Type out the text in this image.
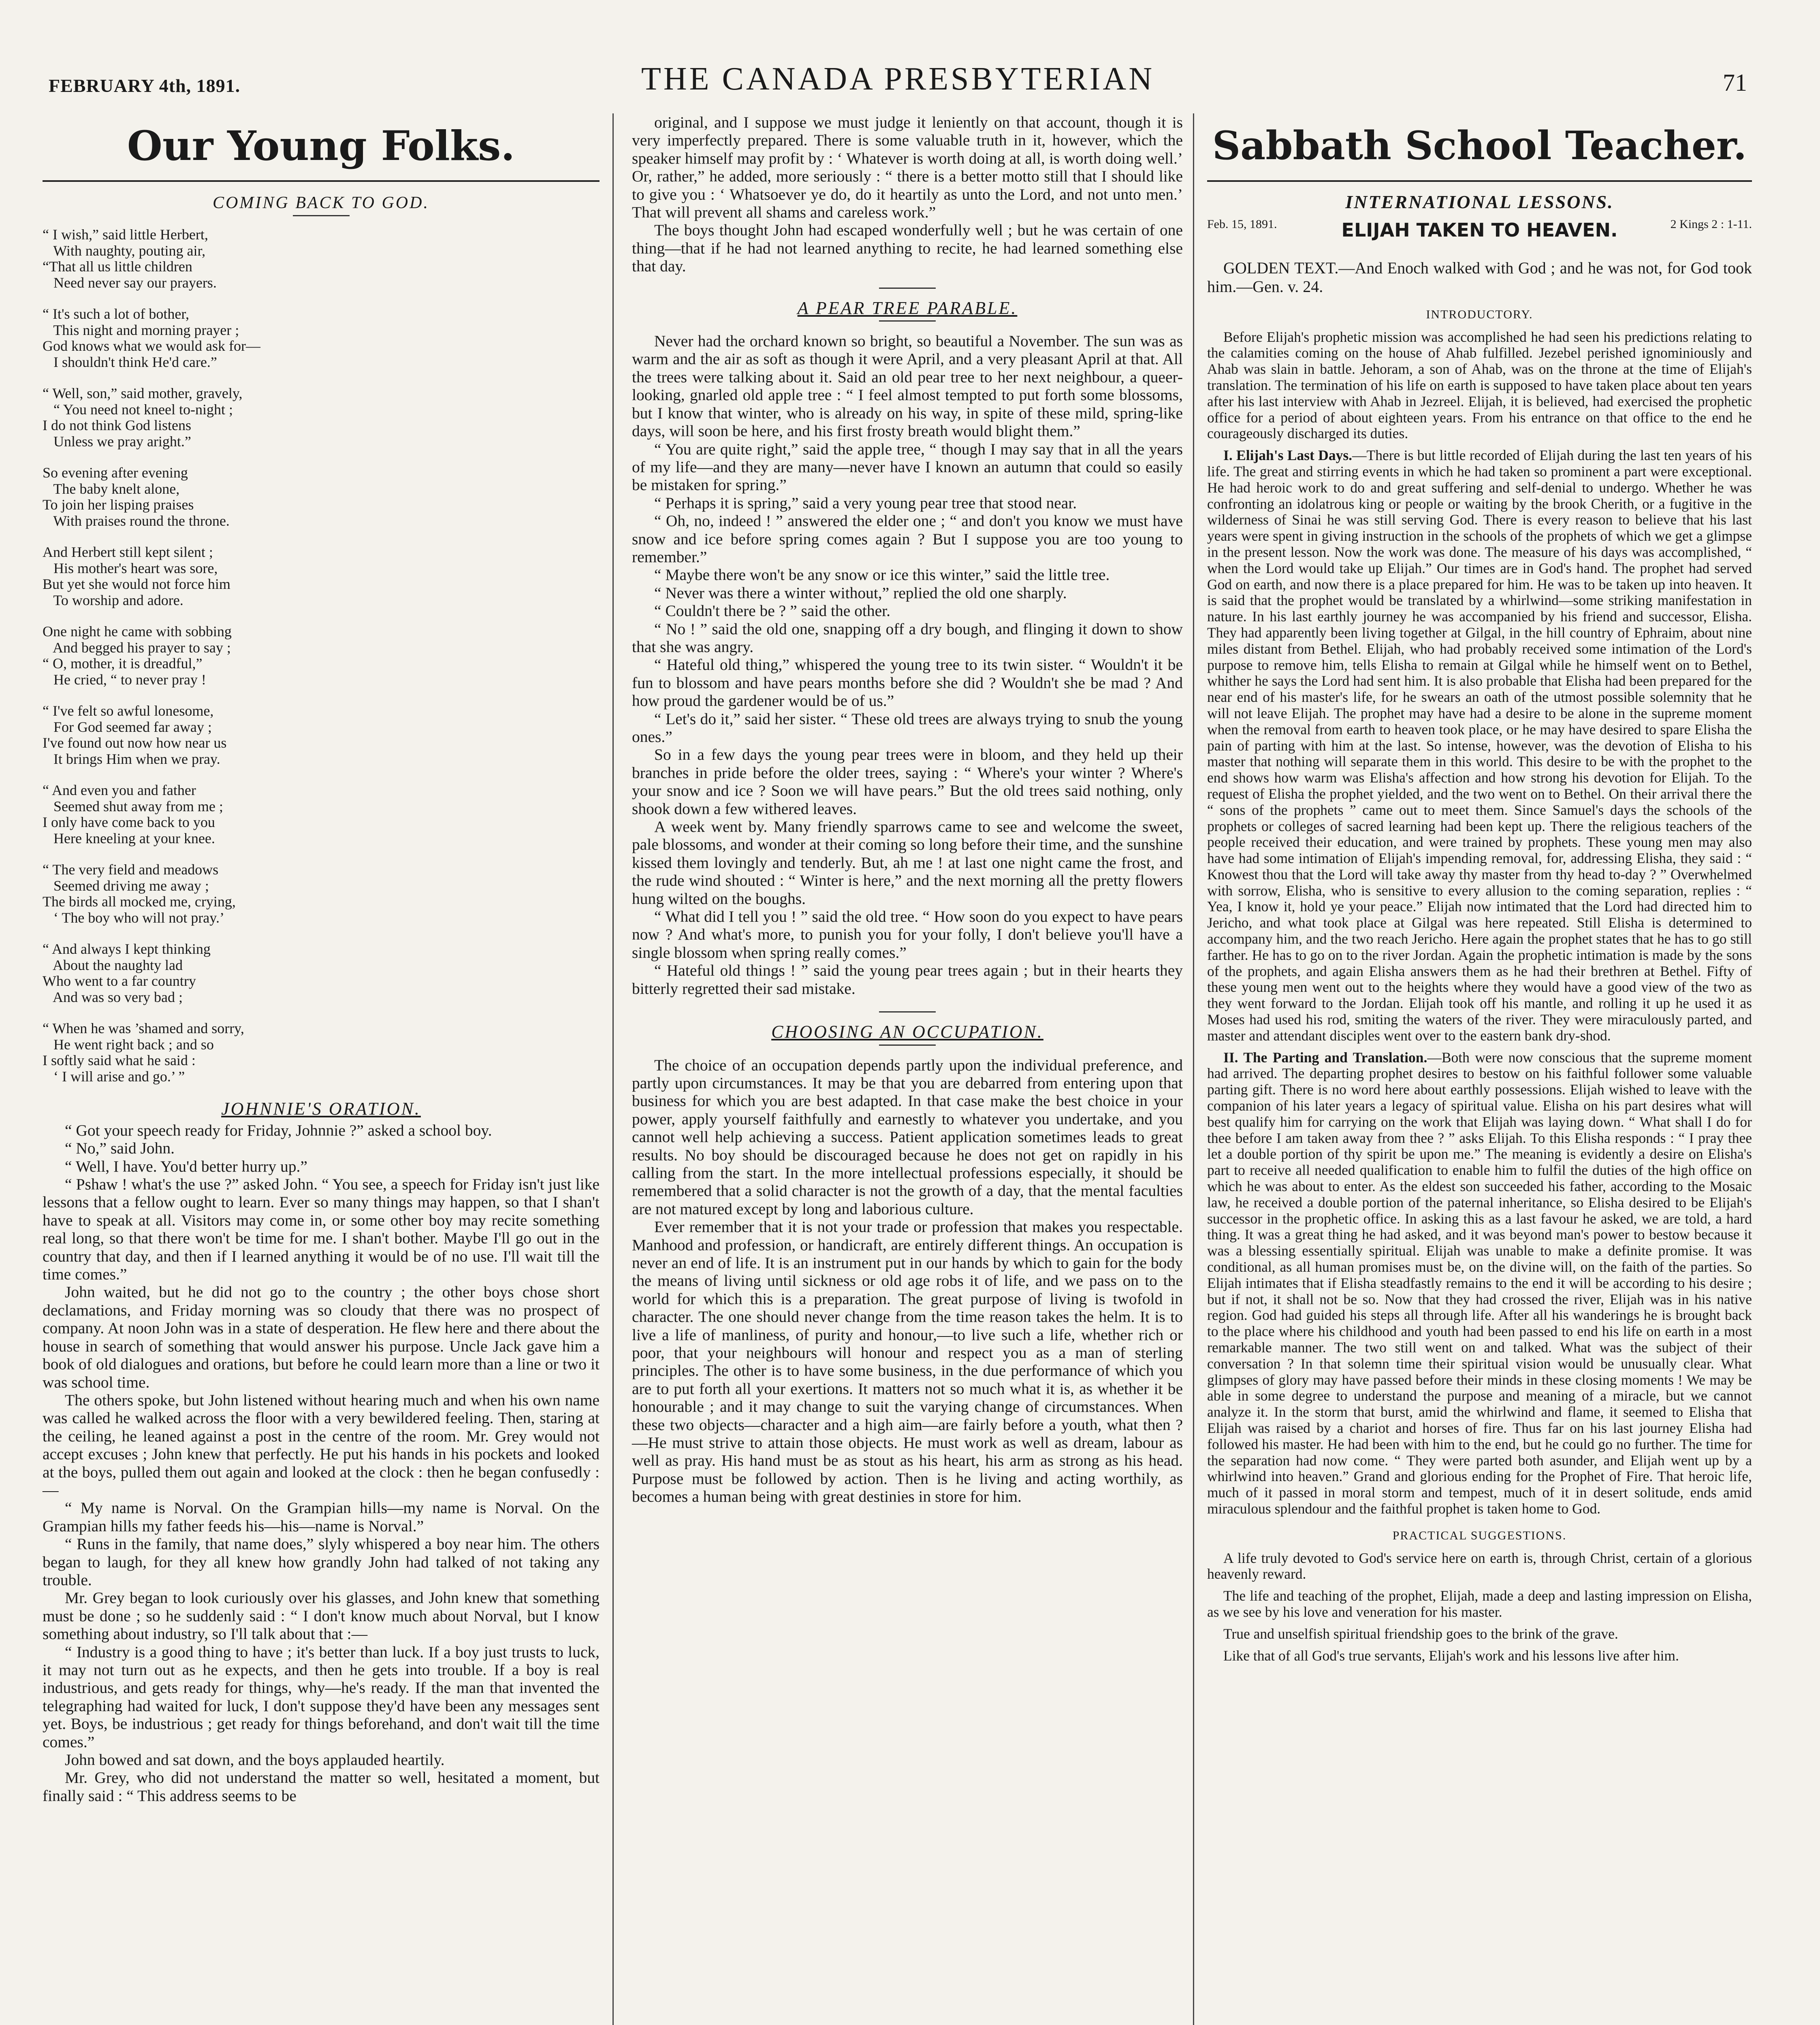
FEBRUARY 4th, 1891.	THE CANADA PRESBYTERIAN	71
Our Young Folks.
COMING BACK TO GOD.
“ I wish,” said little Herbert,
With naughty, pouting air,
“That all us little children
Need never say our prayers.
“ It's such a lot of bother,
This night and morning prayer ;
God knows what we would ask for—
I shouldn't think He'd care.”
“ Well, son,” said mother, gravely,
“ You need not kneel to-night ;
I do not think God listens
Unless we pray aright.”
So evening after evening
The baby knelt alone,
To join her lisping praises
With praises round the throne.
And Herbert still kept silent ;
His mother's heart was sore,
But yet she would not force him
To worship and adore.
One night he came with sobbing
And begged his prayer to say ;
“ O, mother, it is dreadful,”
He cried, “ to never pray !
“ I've felt so awful lonesome,
For God seemed far away ;
I've found out now how near us
It brings Him when we pray.
“ And even you and father
Seemed shut away from me ;
I only have come back to you
Here kneeling at your knee.
“ The very field and meadows
Seemed driving me away ;
The birds all mocked me, crying,
‘ The boy who will not pray.’
“ And always I kept thinking
About the naughty lad
Who went to a far country
And was so very bad ;
“ When he was ’shamed and sorry,
He went right back ; and so
I softly said what he said :
‘ I will arise and go.’ ”
JOHNNIE'S ORATION.

“ Got your speech ready for Friday, Johnnie ?” asked a school boy.

“ No,” said John.

“ Well, I have. You'd better hurry up.”

“ Pshaw ! what's the use ?” asked John. “ You see, a speech for Friday isn't just like lessons that a fellow ought to learn. Ever so many things may happen, so that I shan't have to speak at all. Visitors may come in, or some other boy may recite something real long, so that there won't be time for me. I shan't bother. Maybe I'll go out in the country that day, and then if I learned anything it would be of no use. I'll wait till the time comes.”

John waited, but he did not go to the country ; the other boys chose short declamations, and Friday morning was so cloudy that there was no prospect of company. At noon John was in a state of desperation. He flew here and there about the house in search of something that would answer his purpose. Uncle Jack gave him a book of old dialogues and orations, but before he could learn more than a line or two it was school time.

The others spoke, but John listened without hearing much and when his own name was called he walked across the floor with a very bewildered feeling. Then, staring at the ceiling, he leaned against a post in the centre of the room. Mr. Grey would not accept excuses ; John knew that perfectly. He put his hands in his pockets and looked at the boys, pulled them out again and looked at the clock : then he began confusedly :—

“ My name is Norval. On the Grampian hills—my name is Norval. On the Grampian hills my father feeds his—his—name is Norval.”

“ Runs in the family, that name does,” slyly whispered a boy near him. The others began to laugh, for they all knew how grandly John had talked of not taking any trouble.

Mr. Grey began to look curiously over his glasses, and John knew that something must be done ; so he suddenly said : “ I don't know much about Norval, but I know something about industry, so I'll talk about that :—

“ Industry is a good thing to have ; it's better than luck. If a boy just trusts to luck, it may not turn out as he expects, and then he gets into trouble. If a boy is real industrious, and gets ready for things, why—he's ready. If the man that invented the telegraphing had waited for luck, I don't suppose they'd have been any messages sent yet. Boys, be industrious ; get ready for things beforehand, and don't wait till the time comes.”

John bowed and sat down, and the boys applauded heartily.

Mr. Grey, who did not understand the matter so well, hesitated a moment, but finally said : “ This address seems to be

original, and I suppose we must judge it leniently on that account, though it is very imperfectly prepared. There is some valuable truth in it, however, which the speaker himself may profit by : ‘ Whatever is worth doing at all, is worth doing well.’ Or, rather,” he added, more seriously : “ there is a better motto still that I should like to give you : ‘ Whatsoever ye do, do it heartily as unto the Lord, and not unto men.’ That will prevent all shams and careless work.”

The boys thought John had escaped wonderfully well ; but he was certain of one thing—that if he had not learned anything to recite, he had learned something else that day.

A PEAR TREE PARABLE.

Never had the orchard known so bright, so beautiful a November. The sun was as warm and the air as soft as though it were April, and a very pleasant April at that. All the trees were talking about it. Said an old pear tree to her next neighbour, a queer-looking, gnarled old apple tree : “ I feel almost tempted to put forth some blossoms, but I know that winter, who is already on his way, in spite of these mild, spring-like days, will soon be here, and his first frosty breath would blight them.”

“ You are quite right,” said the apple tree, “ though I may say that in all the years of my life—and they are many—never have I known an autumn that could so easily be mistaken for spring.”

“ Perhaps it is spring,” said a very young pear tree that stood near.

“ Oh, no, indeed ! ” answered the elder one ; “ and don't you know we must have snow and ice before spring comes again ? But I suppose you are too young to remember.”

“ Maybe there won't be any snow or ice this winter,” said the little tree.

“ Never was there a winter without,” replied the old one sharply.

“ Couldn't there be ? ” said the other.

“ No ! ” said the old one, snapping off a dry bough, and flinging it down to show that she was angry.

“ Hateful old thing,” whispered the young tree to its twin sister. “ Wouldn't it be fun to blossom and have pears months before she did ? Wouldn't she be mad ? And how proud the gardener would be of us.”

“ Let's do it,” said her sister. “ These old trees are always trying to snub the young ones.”

So in a few days the young pear trees were in bloom, and they held up their branches in pride before the older trees, saying : “ Where's your winter ? Where's your snow and ice ? Soon we will have pears.” But the old trees said nothing, only shook down a few withered leaves.

A week went by. Many friendly sparrows came to see and welcome the sweet, pale blossoms, and wonder at their coming so long before their time, and the sunshine kissed them lovingly and tenderly. But, ah me ! at last one night came the frost, and the rude wind shouted : “ Winter is here,” and the next morning all the pretty flowers hung wilted on the boughs.

“ What did I tell you ! ” said the old tree. “ How soon do you expect to have pears now ? And what's more, to punish you for your folly, I don't believe you'll have a single blossom when spring really comes.”

“ Hateful old things ! ” said the young pear trees again ; but in their hearts they bitterly regretted their sad mistake.

CHOOSING AN OCCUPATION.

The choice of an occupation depends partly upon the individual preference, and partly upon circumstances. It may be that you are debarred from entering upon that business for which you are best adapted. In that case make the best choice in your power, apply yourself faithfully and earnestly to whatever you undertake, and you cannot well help achieving a success. Patient application sometimes leads to great results. No boy should be discouraged because he does not get on rapidly in his calling from the start. In the more intellectual professions especially, it should be remembered that a solid character is not the growth of a day, that the mental faculties are not matured except by long and laborious culture.

Ever remember that it is not your trade or profession that makes you respectable. Manhood and profession, or handicraft, are entirely different things. An occupation is never an end of life. It is an instrument put in our hands by which to gain for the body the means of living until sickness or old age robs it of life, and we pass on to the world for which this is a preparation. The great purpose of living is twofold in character. The one should never change from the time reason takes the helm. It is to live a life of manliness, of purity and honour,—to live such a life, whether rich or poor, that your neighbours will honour and respect you as a man of sterling principles. The other is to have some business, in the due performance of which you are to put forth all your exertions. It matters not so much what it is, as whether it be honourable ; and it may change to suit the varying change of circumstances. When these two objects—character and a high aim—are fairly before a youth, what then ?—He must strive to attain those objects. He must work as well as dream, labour as well as pray. His hand must be as stout as his heart, his arm as strong as his head. Purpose must be followed by action. Then is he living and acting worthily, as becomes a human being with great destinies in store for him.

Sabbath School Teacher.
INTERNATIONAL LESSONS.
Feb. 15, 1891.	ELIJAH TAKEN TO HEAVEN.	2 Kings 2 : 1-11.

GOLDEN TEXT.—And Enoch walked with God ; and he was not, for God took him.—Gen. v. 24.

INTRODUCTORY.

Before Elijah's prophetic mission was accomplished he had seen his predictions relating to the calamities coming on the house of Ahab fulfilled. Jezebel perished ignominiously and Ahab was slain in battle. Jehoram, a son of Ahab, was on the throne at the time of Elijah's translation. The termination of his life on earth is supposed to have taken place about ten years after his last interview with Ahab in Jezreel. Elijah, it is believed, had exercised the prophetic office for a period of about eighteen years. From his entrance on that office to the end he courageously discharged its duties.

I. Elijah's Last Days.—There is but little recorded of Elijah during the last ten years of his life. The great and stirring events in which he had taken so prominent a part were exceptional. He had heroic work to do and great suffering and self-denial to undergo. Whether he was confronting an idolatrous king or people or waiting by the brook Cherith, or a fugitive in the wilderness of Sinai he was still serving God. There is every reason to believe that his last years were spent in giving instruction in the schools of the prophets of which we get a glimpse in the present lesson. Now the work was done. The measure of his days was accomplished, “ when the Lord would take up Elijah.” Our times are in God's hand. The prophet had served God on earth, and now there is a place prepared for him. He was to be taken up into heaven. It is said that the prophet would be translated by a whirlwind—some striking manifestation in nature. In his last earthly journey he was accompanied by his friend and successor, Elisha. They had apparently been living together at Gilgal, in the hill country of Ephraim, about nine miles distant from Bethel. Elijah, who had probably received some intimation of the Lord's purpose to remove him, tells Elisha to remain at Gilgal while he himself went on to Bethel, whither he says the Lord had sent him. It is also probable that Elisha had been prepared for the near end of his master's life, for he swears an oath of the utmost possible solemnity that he will not leave Elijah. The prophet may have had a desire to be alone in the supreme moment when the removal from earth to heaven took place, or he may have desired to spare Elisha the pain of parting with him at the last. So intense, however, was the devotion of Elisha to his master that nothing will separate them in this world. This desire to be with the prophet to the end shows how warm was Elisha's affection and how strong his devotion for Elijah. To the request of Elisha the prophet yielded, and the two went on to Bethel. On their arrival there the “ sons of the prophets ” came out to meet them. Since Samuel's days the schools of the prophets or colleges of sacred learning had been kept up. There the religious teachers of the people received their education, and were trained by prophets. These young men may also have had some intimation of Elijah's impending removal, for, addressing Elisha, they said : “ Knowest thou that the Lord will take away thy master from thy head to-day ? ” Overwhelmed with sorrow, Elisha, who is sensitive to every allusion to the coming separation, replies : “ Yea, I know it, hold ye your peace.” Elijah now intimated that the Lord had directed him to Jericho, and what took place at Gilgal was here repeated. Still Elisha is determined to accompany him, and the two reach Jericho. Here again the prophet states that he has to go still farther. He has to go on to the river Jordan. Again the prophetic intimation is made by the sons of the prophets, and again Elisha answers them as he had their brethren at Bethel. Fifty of these young men went out to the heights where they would have a good view of the two as they went forward to the Jordan. Elijah took off his mantle, and rolling it up he used it as Moses had used his rod, smiting the waters of the river. They were miraculously parted, and master and attendant disciples went over to the eastern bank dry-shod.

II. The Parting and Translation.—Both were now conscious that the supreme moment had arrived. The departing prophet desires to bestow on his faithful follower some valuable parting gift. There is no word here about earthly possessions. Elijah wished to leave with the companion of his later years a legacy of spiritual value. Elisha on his part desires what will best qualify him for carrying on the work that Elijah was laying down. “ What shall I do for thee before I am taken away from thee ? ” asks Elijah. To this Elisha responds : “ I pray thee let a double portion of thy spirit be upon me.” The meaning is evidently a desire on Elisha's part to receive all needed qualification to enable him to fulfil the duties of the high office on which he was about to enter. As the eldest son succeeded his father, according to the Mosaic law, he received a double portion of the paternal inheritance, so Elisha desired to be Elijah's successor in the prophetic office. In asking this as a last favour he asked, we are told, a hard thing. It was a great thing he had asked, and it was beyond man's power to bestow because it was a blessing essentially spiritual. Elijah was unable to make a definite promise. It was conditional, as all human promises must be, on the divine will, on the faith of the parties. So Elijah intimates that if Elisha steadfastly remains to the end it will be according to his desire ; but if not, it shall not be so. Now that they had crossed the river, Elijah was in his native region. God had guided his steps all through life. After all his wanderings he is brought back to the place where his childhood and youth had been passed to end his life on earth in a most remarkable manner. The two still went on and talked. What was the subject of their conversation ? In that solemn time their spiritual vision would be unusually clear. What glimpses of glory may have passed before their minds in these closing moments ! We may be able in some degree to understand the purpose and meaning of a miracle, but we cannot analyze it. In the storm that burst, amid the whirlwind and flame, it seemed to Elisha that Elijah was raised by a chariot and horses of fire. Thus far on his last journey Elisha had followed his master. He had been with him to the end, but he could go no further. The time for the separation had now come. “ They were parted both asunder, and Elijah went up by a whirlwind into heaven.” Grand and glorious ending for the Prophet of Fire. That heroic life, much of it passed in moral storm and tempest, much of it in desert solitude, ends amid miraculous splendour and the faithful prophet is taken home to God.

PRACTICAL SUGGESTIONS.

A life truly devoted to God's service here on earth is, through Christ, certain of a glorious heavenly reward.

The life and teaching of the prophet, Elijah, made a deep and lasting impression on Elisha, as we see by his love and veneration for his master.

True and unselfish spiritual friendship goes to the brink of the grave.

Like that of all God's true servants, Elijah's work and his lessons live after him.
